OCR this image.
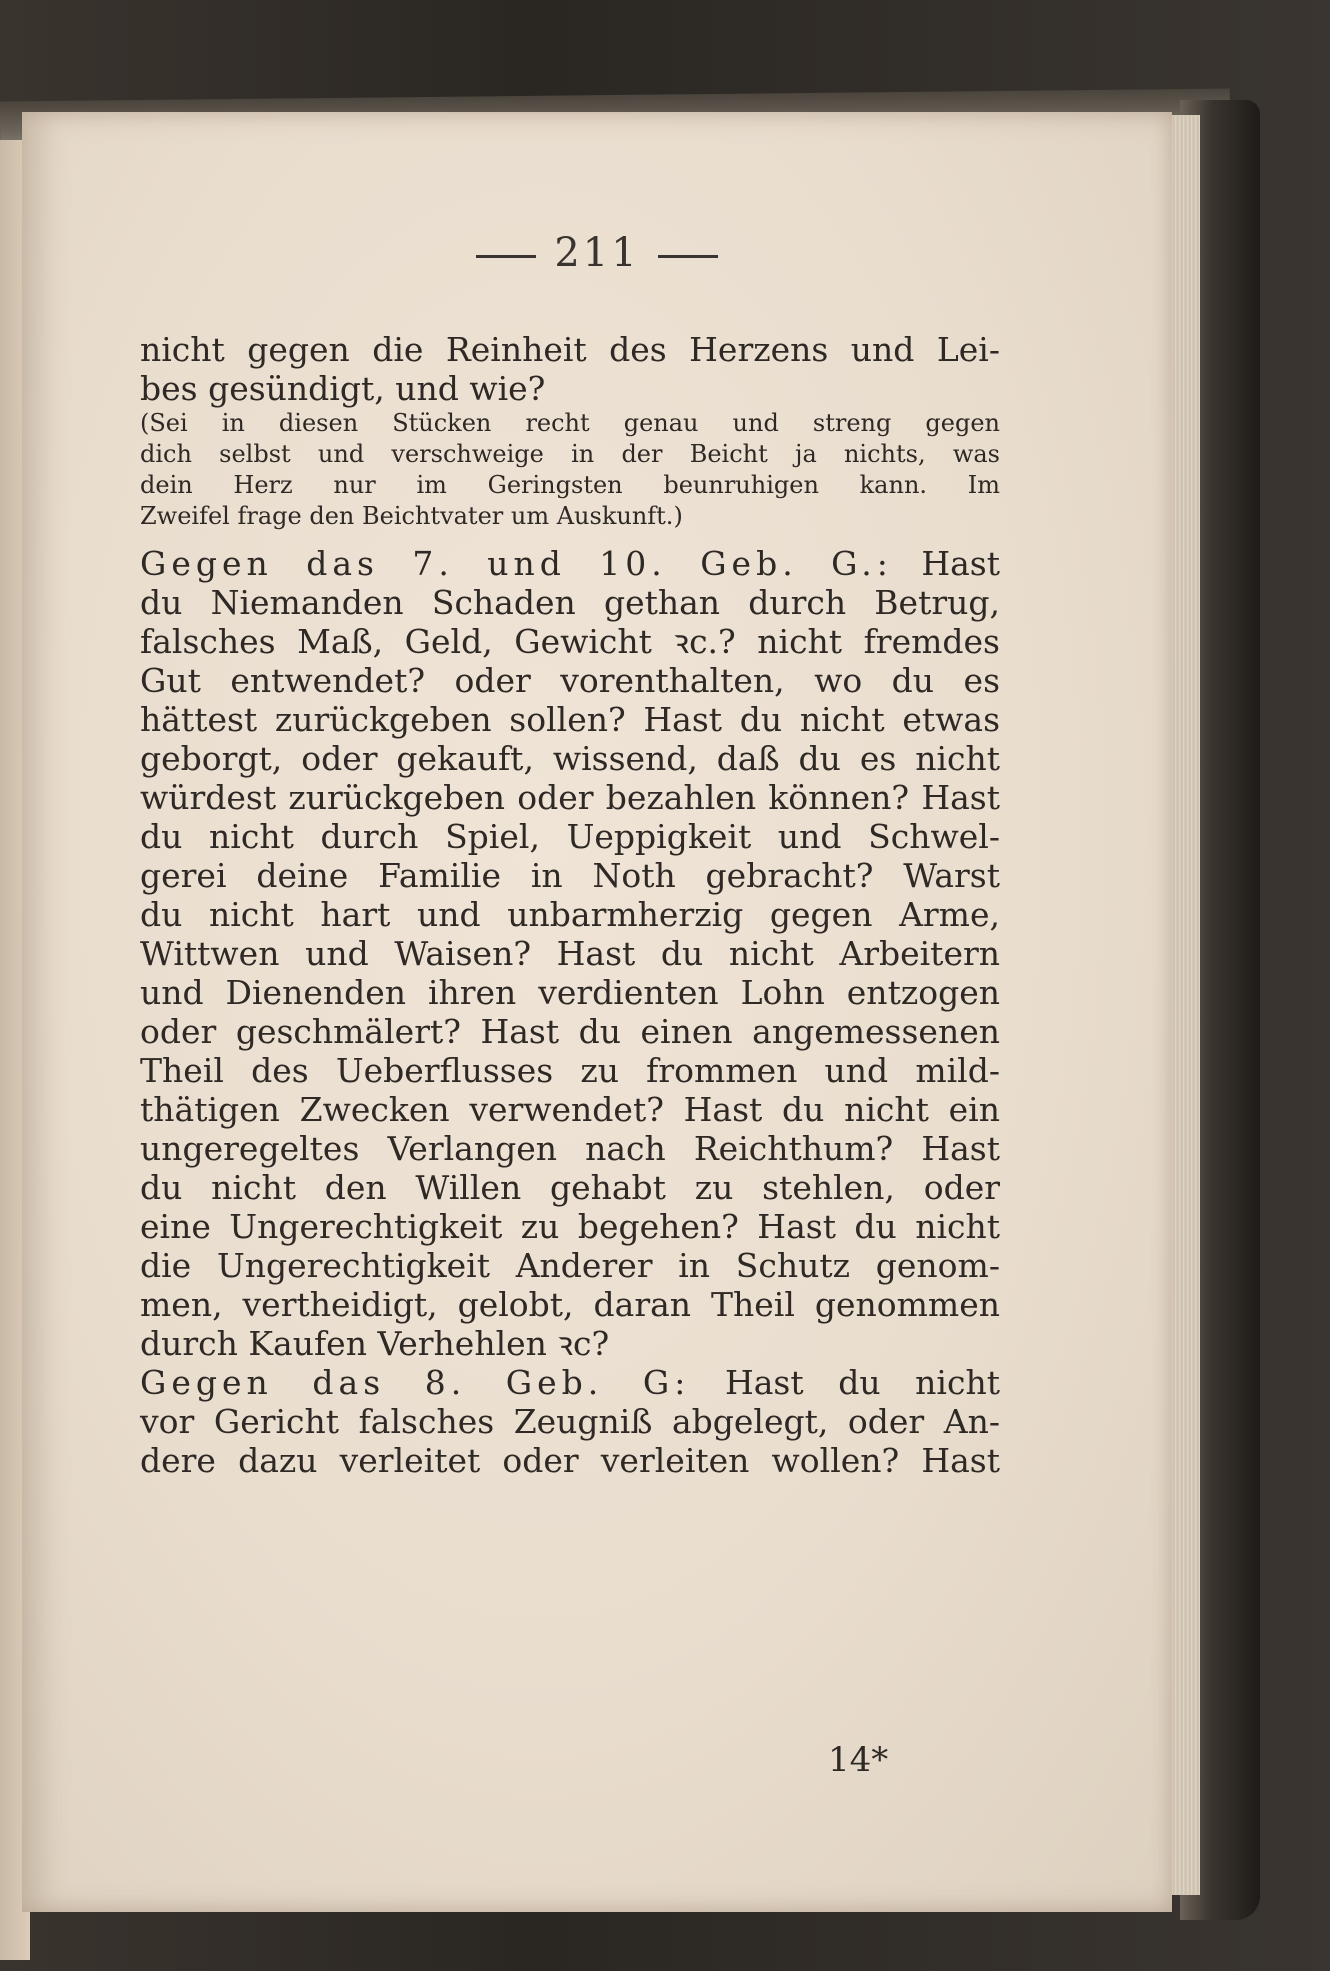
211
nicht gegen die Reinheit des Herzens und Lei-
bes gesündigt, und wie?
(Sei in diesen Stücken recht genau und streng gegen
dich selbst und verschweige in der Beicht ja nichts, was
dein Herz nur im Geringsten beunruhigen kann. Im
Zweifel frage den Beichtvater um Auskunft.)
Gegen das 7. und 10. Geb. G.: Hast
du Niemanden Schaden gethan durch Betrug,
falsches Maß, Geld, Gewicht ꝛc.? nicht fremdes
Gut entwendet? oder vorenthalten, wo du es
hättest zurückgeben sollen? Hast du nicht etwas
geborgt, oder gekauft, wissend, daß du es nicht
würdest zurückgeben oder bezahlen können? Hast
du nicht durch Spiel, Ueppigkeit und Schwel-
gerei deine Familie in Noth gebracht? Warst
du nicht hart und unbarmherzig gegen Arme,
Wittwen und Waisen? Hast du nicht Arbeitern
und Dienenden ihren verdienten Lohn entzogen
oder geschmälert? Hast du einen angemessenen
Theil des Ueberflusses zu frommen und mild-
thätigen Zwecken verwendet? Hast du nicht ein
ungeregeltes Verlangen nach Reichthum? Hast
du nicht den Willen gehabt zu stehlen, oder
eine Ungerechtigkeit zu begehen? Hast du nicht
die Ungerechtigkeit Anderer in Schutz genom-
men, vertheidigt, gelobt, daran Theil genommen
durch Kaufen Verhehlen ꝛc?
Gegen das 8. Geb. G: Hast du nicht
vor Gericht falsches Zeugniß abgelegt, oder An-
dere dazu verleitet oder verleiten wollen? Hast
14*
